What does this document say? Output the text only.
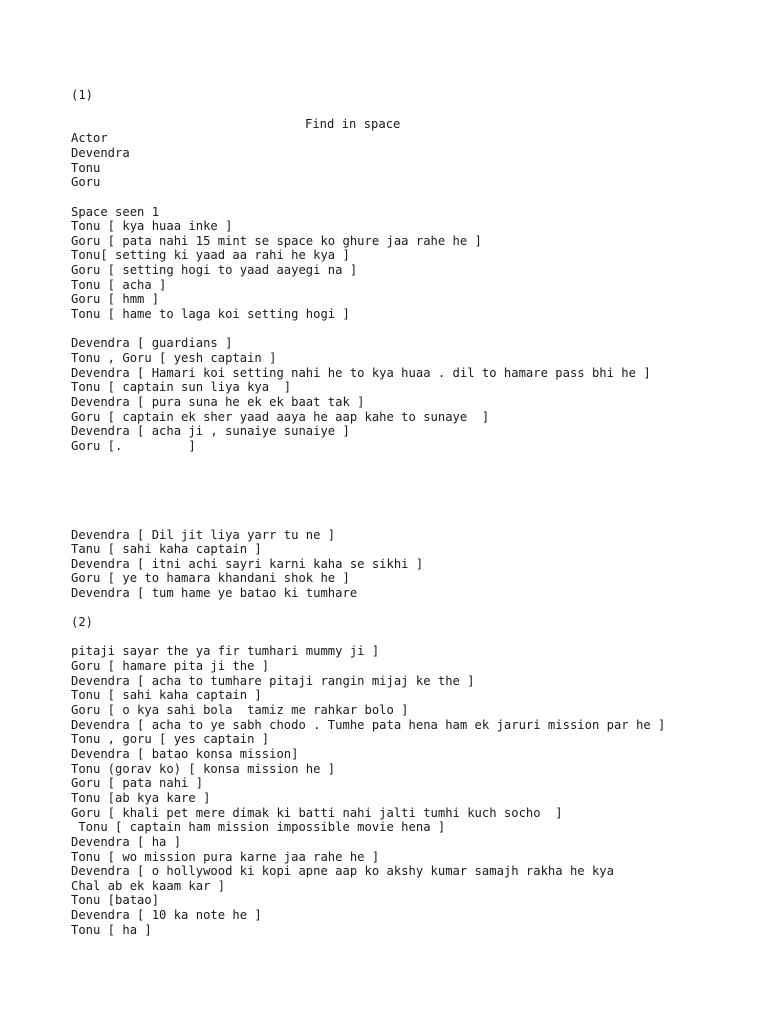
(1)

Find in space

Actor

Devendra

Tonu

Goru

Space seen 1

Tonu [ kya huaa inke ]

Goru [ pata nahi 15 mint se space ko ghure jaa rahe he ]

Tonu[ setting ki yaad aa rahi he kya ]

Goru [ setting hogi to yaad aayegi na ]

Tonu [ acha ]

Goru [ hmm ]

Tonu [ hame to laga koi setting hogi ]

Devendra [ guardians ]

Tonu , Goru [ yesh captain ]

Devendra [ Hamari koi setting nahi he to kya huaa . dil to hamare pass bhi he ]

Tonu [ captain sun liya kya  ]

Devendra [ pura suna he ek ek baat tak ]

Goru [ captain ek sher yaad aaya he aap kahe to sunaye  ]

Devendra [ acha ji , sunaiye sunaiye ]

Goru [.         ]

Devendra [ Dil jit liya yarr tu ne ]

Tanu [ sahi kaha captain ]

Devendra [ itni achi sayri karni kaha se sikhi ]

Goru [ ye to hamara khandani shok he ]

Devendra [ tum hame ye batao ki tumhare

(2)

pitaji sayar the ya fir tumhari mummy ji ]

Goru [ hamare pita ji the ]

Devendra [ acha to tumhare pitaji rangin mijaj ke the ]

Tonu [ sahi kaha captain ]

Goru [ o kya sahi bola  tamiz me rahkar bolo ]

Devendra [ acha to ye sabh chodo . Tumhe pata hena ham ek jaruri mission par he ]

Tonu , goru [ yes captain ]

Devendra [ batao konsa mission]

Tonu (gorav ko) [ konsa mission he ]

Goru [ pata nahi ]

Tonu [ab kya kare ]

Goru [ khali pet mere dimak ki batti nahi jalti tumhi kuch socho  ]

Tonu [ captain ham mission impossible movie hena ]

Devendra [ ha ]

Tonu [ wo mission pura karne jaa rahe he ]

Devendra [ o hollywood ki kopi apne aap ko akshy kumar samajh rakha he kya

Chal ab ek kaam kar ]

Tonu [batao]

Devendra [ 10 ka note he ]

Tonu [ ha ]
